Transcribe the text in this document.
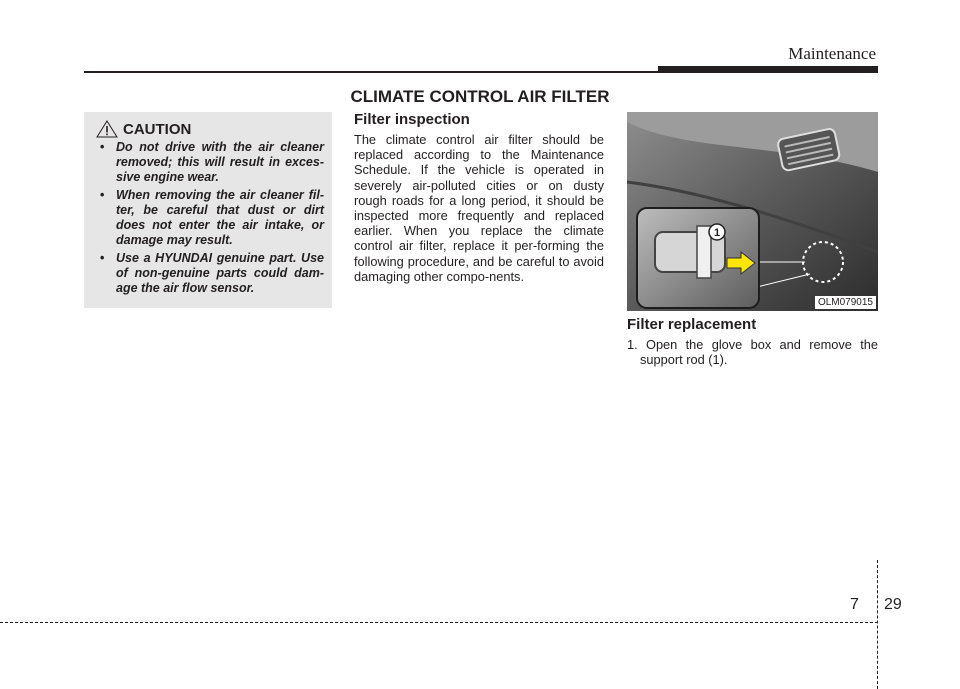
Maintenance
CLIMATE CONTROL AIR FILTER
CAUTION
• Do not drive with the air cleaner removed; this will result in exces-sive engine wear.
• When removing the air cleaner fil-ter, be careful that dust or dirt does not enter the air intake, or damage may result.
• Use a HYUNDAI genuine part. Use of non-genuine parts could dam-age the air flow sensor.
Filter inspection

The climate control air filter should be replaced according to the Maintenance Schedule. If the vehicle is operated in severely air-polluted cities or on dusty rough roads for a long period, it should be inspected more frequently and replaced earlier. When you replace the climate control air filter, replace it per-forming the following procedure, and be careful to avoid damaging other compo-nents.

1
OLM079015
Filter replacement

1. Open the glove box and remove the support rod (1).

7 29
